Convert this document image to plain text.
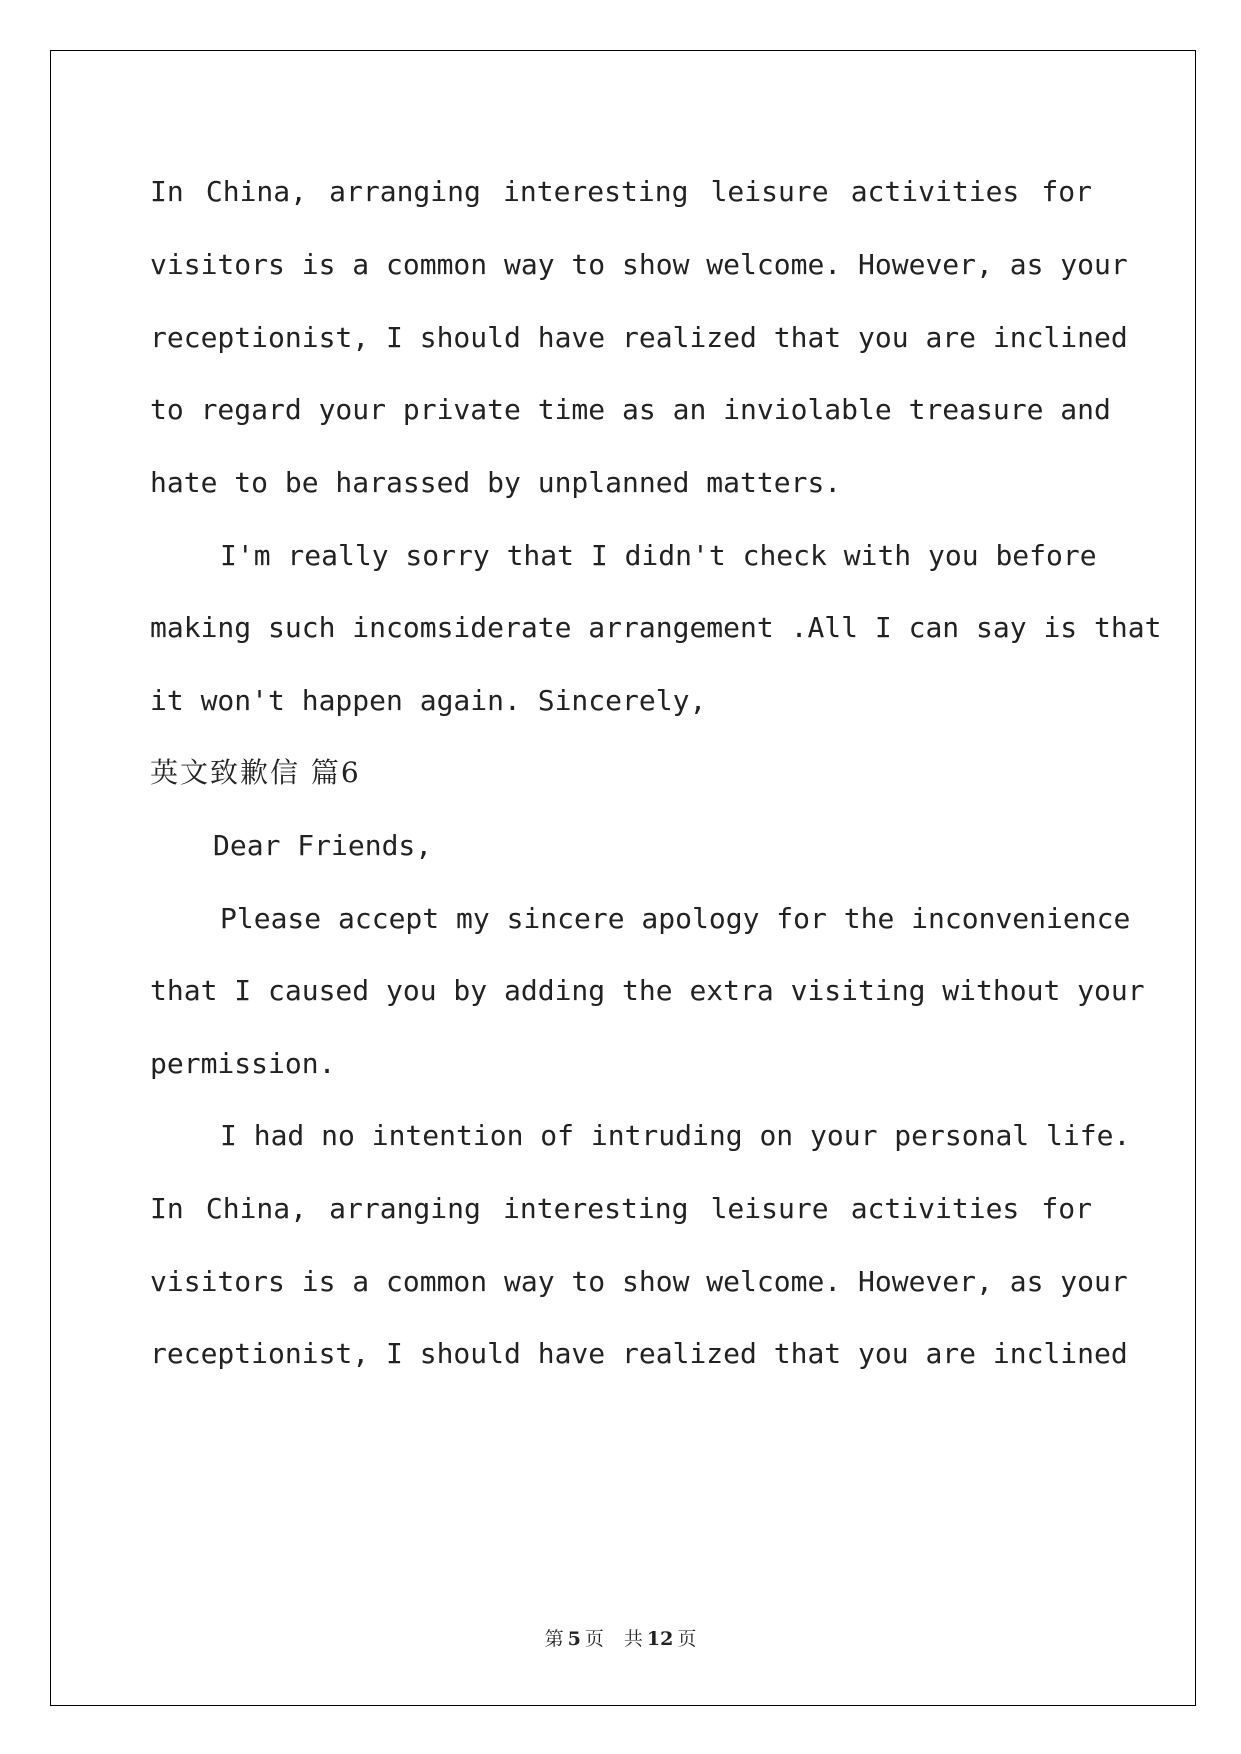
In China, arranging interesting leisure activities for
visitors is a common way to show welcome. However, as your
receptionist, I should have realized that you are inclined
to regard your private time as an inviolable treasure and
hate to be harassed by unplanned matters.
I'm really sorry that I didn't check with you before
making such incomsiderate arrangement .All I can say is that
it won't happen again. Sincerely,
英文致歉信 篇6
Dear Friends,
Please accept my sincere apology for the inconvenience
that I caused you by adding the extra visiting without your
permission.
I had no intention of intruding on your personal life.
In China, arranging interesting leisure activities for
visitors is a common way to show welcome. However, as your
receptionist, I should have realized that you are inclined
第 5 页 共 12 页
